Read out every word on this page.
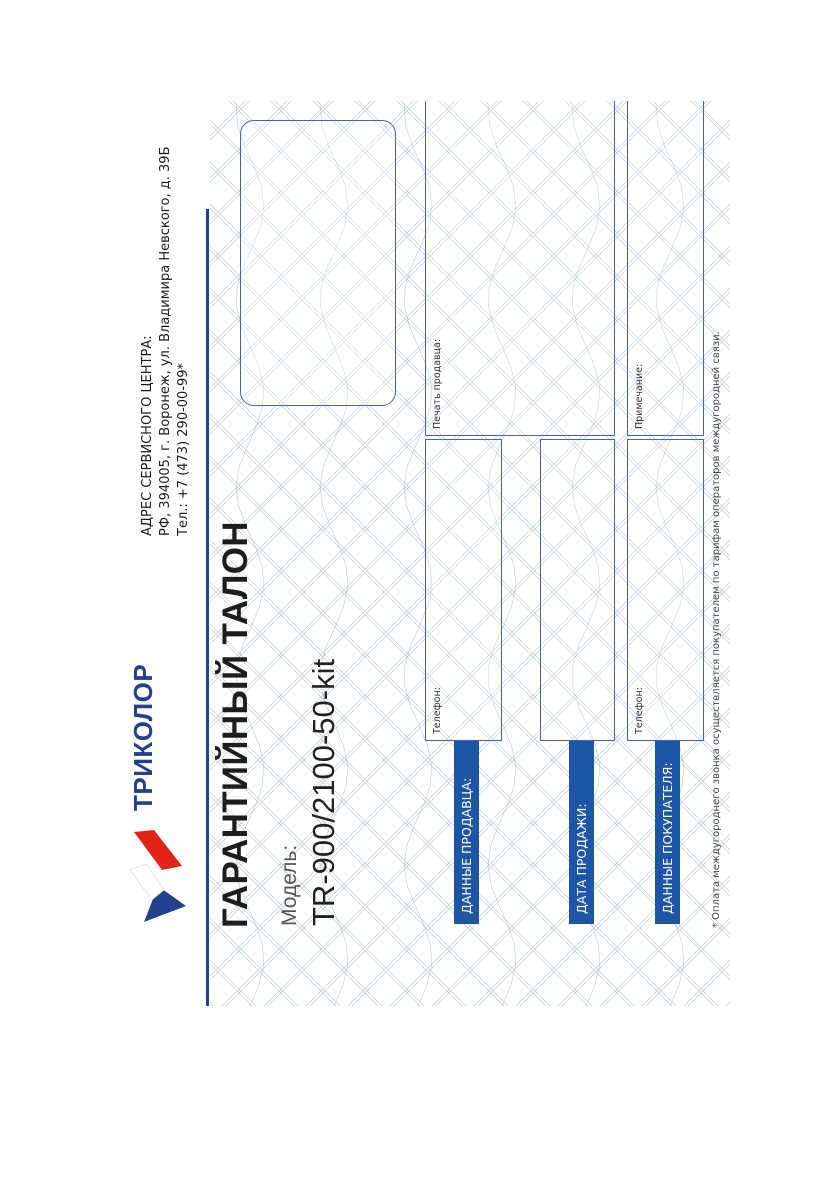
ТРИКОЛОР
АДРЕС СЕРВИСНОГО ЦЕНТРА: РФ, 394005, г. Воронеж, ул. Владимира Невского, д. 39Б Тел.: +7 (473) 290-00-99*
ГАРАНТИЙНЫЙ ТАЛОН Модель: TR-900/2100-50-kit	ДАННЫЕ ПРОДАВЦА:
Телефон:
Печать продавца:
ДАТА ПРОДАЖИ:	ДАННЫЕ ПОКУПАТЕЛЯ:
Телефон:
Примечание:	* Оплата междугороднего звонка осуществляется покупателем по тарифам операторов междугородней связи.
